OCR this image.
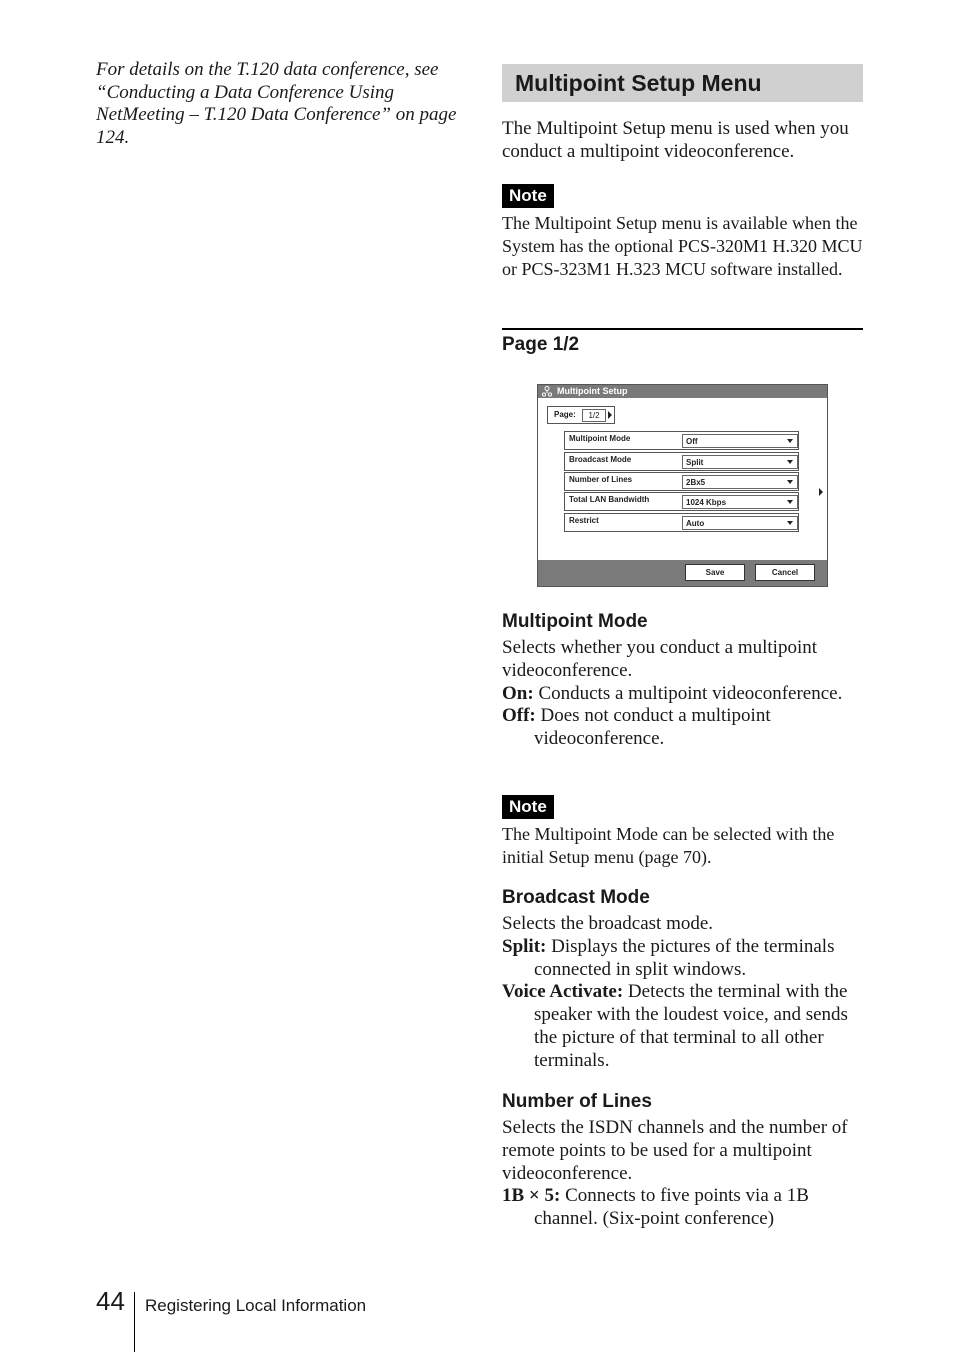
For details on the T.120 data conference, see “Conducting a Data Conference Using NetMeeting – T.120 Data Conference” on page 124.
Multipoint Setup Menu
The Multipoint Setup menu is used when you conduct a multipoint videoconference.
Note
The Multipoint Setup menu is available when the System has the optional PCS-320M1 H.320 MCU or PCS-323M1 H.323 MCU software installed.
Page 1/2
Multipoint Setup
Page:	1/2
Multipoint Mode	Off
Broadcast Mode	Split
Number of Lines	2Bx5
Total LAN Bandwidth	1024 Kbps
Restrict	Auto
Save	Cancel
Multipoint Mode
Selects whether you conduct a multipoint videoconference.
On: Conducts a multipoint videoconference.
Off: Does not conduct a multipoint videoconference.
Note
The Multipoint Mode can be selected with the initial Setup menu (page 70).
Broadcast Mode
Selects the broadcast mode.
Split: Displays the pictures of the terminals connected in split windows.
Voice Activate: Detects the terminal with the speaker with the loudest voice, and sends the picture of that terminal to all other terminals.
Number of Lines
Selects the ISDN channels and the number of remote points to be used for a multipoint videoconference.
1B × 5: Connects to five points via a 1B channel. (Six-point conference)
44 Registering Local Information
